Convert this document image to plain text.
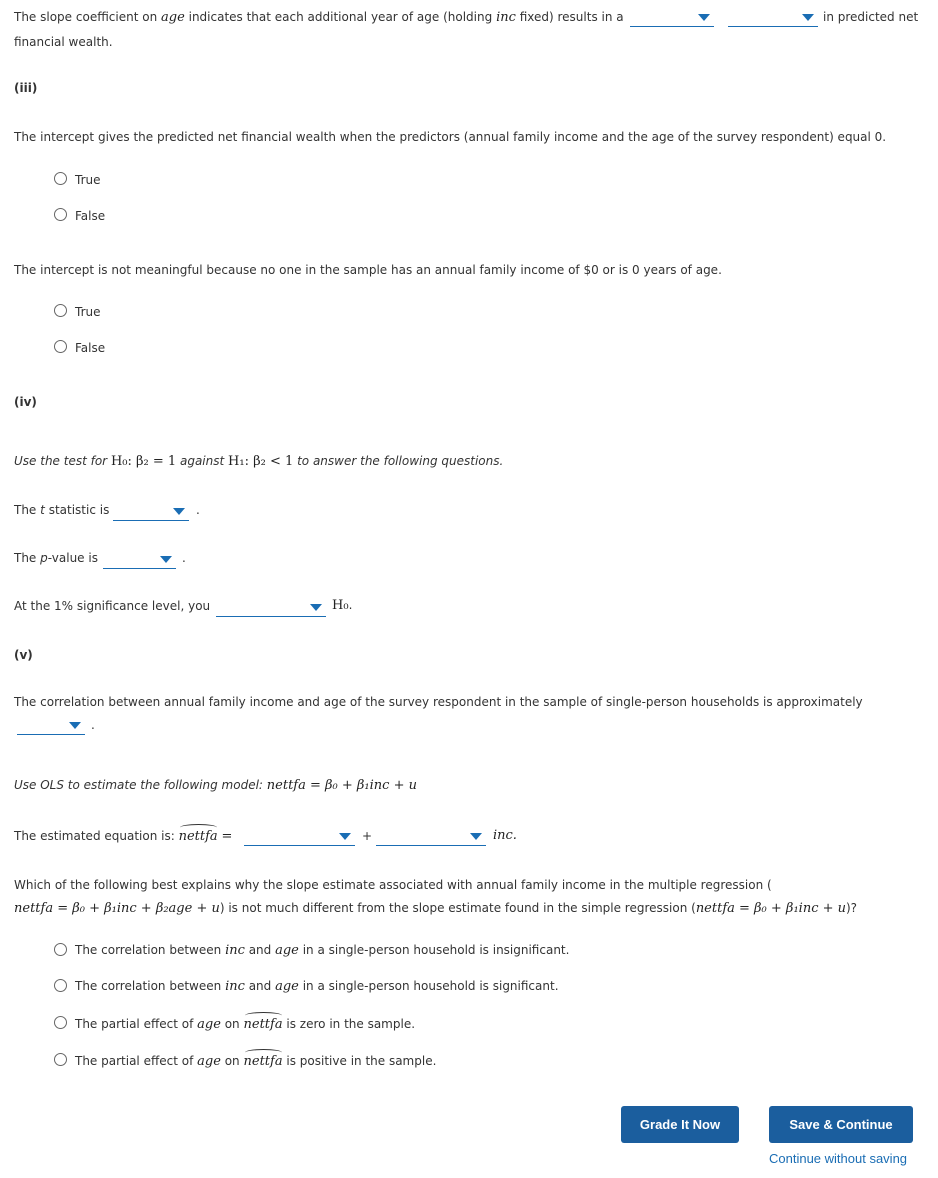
The slope coefficient on age indicates that each additional year of age (holding inc fixed) results in a	in predicted net
financial wealth.
(iii)
The intercept gives the predicted net financial wealth when the predictors (annual family income and the age of the survey respondent) equal 0.
True
False
The intercept is not meaningful because no one in the sample has an annual family income of $0 or is 0 years of age.
True
False
(iv)
Use the test for H₀: β₂ = 1 against H₁: β₂ < 1 to answer the following questions.
The t statistic is	.
The p-value is	.
At the 1% significance level, you	H₀.
(v)
The correlation between annual family income and age of the survey respondent in the sample of single-person households is approximately
.
Use OLS to estimate the following model: nettfa = β₀ + β₁inc + u
The estimated equation is: nettfa =	+	inc.
Which of the following best explains why the slope estimate associated with annual family income in the multiple regression (
nettfa = β₀ + β₁inc + β₂age + u) is not much different from the slope estimate found in the simple regression (nettfa = β₀ + β₁inc + u)?
The correlation between inc and age in a single-person household is insignificant.
The correlation between inc and age in a single-person household is significant.
The partial effect of age on nettfa is zero in the sample.
The partial effect of age on nettfa is positive in the sample.
Grade It Now	Save & Continue
Continue without saving
